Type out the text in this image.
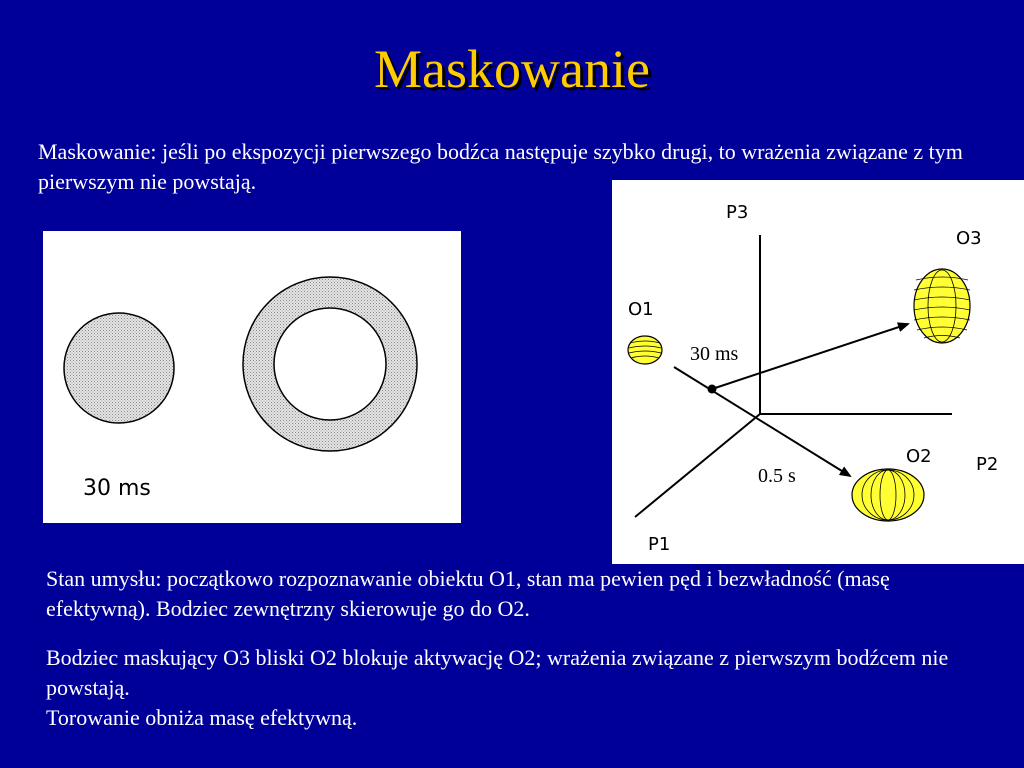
Maskowanie

Maskowanie: jeśli po ekspozycji pierwszego bodźca następuje szybko drugi, to wrażenia związane z tym pierwszym nie powstają.

30 ms
P3
P2
P1
30 ms
0.5 s
O1
O3
O2

Stan umysłu: początkowo rozpoznawanie obiektu O1, stan ma pewien pęd i bezwładność (masę efektywną). Bodziec zewnętrzny skierowuje go do O2.

Bodziec maskujący O3 bliski O2 blokuje aktywację O2; wrażenia związane z pierwszym bodźcem nie powstają.
Torowanie obniża masę efektywną.
